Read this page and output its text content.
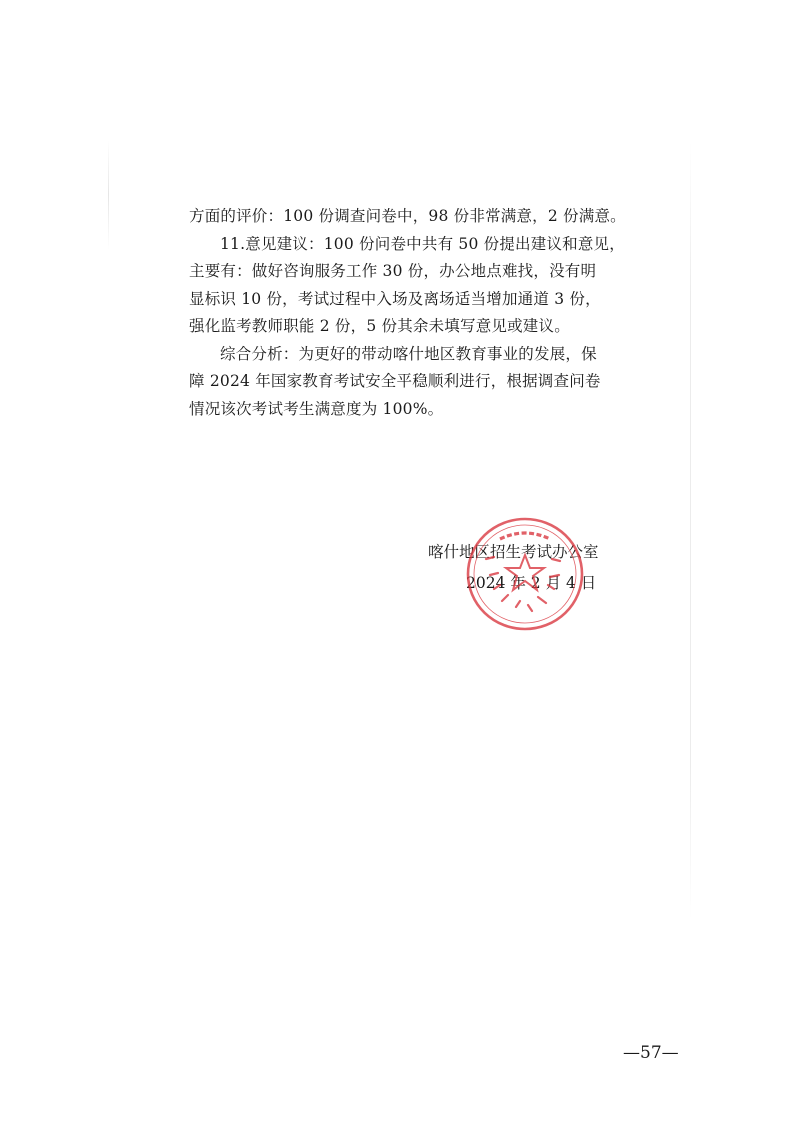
方面的评价：100 份调查问卷中，98 份非常满意，2 份满意。
11.意见建议：100 份问卷中共有 50 份提出建议和意见，
主要有：做好咨询服务工作 30 份，办公地点难找，没有明
显标识 10 份，考试过程中入场及离场适当增加通道 3 份，
强化监考教师职能 2 份，5 份其余未填写意见或建议。
综合分析：为更好的带动喀什地区教育事业的发展，保
障 2024 年国家教育考试安全平稳顺利进行，根据调查问卷
情况该次考试考生满意度为 100%。
喀什地区招生考试办公室
2024 年 2 月 4 日
—57—
